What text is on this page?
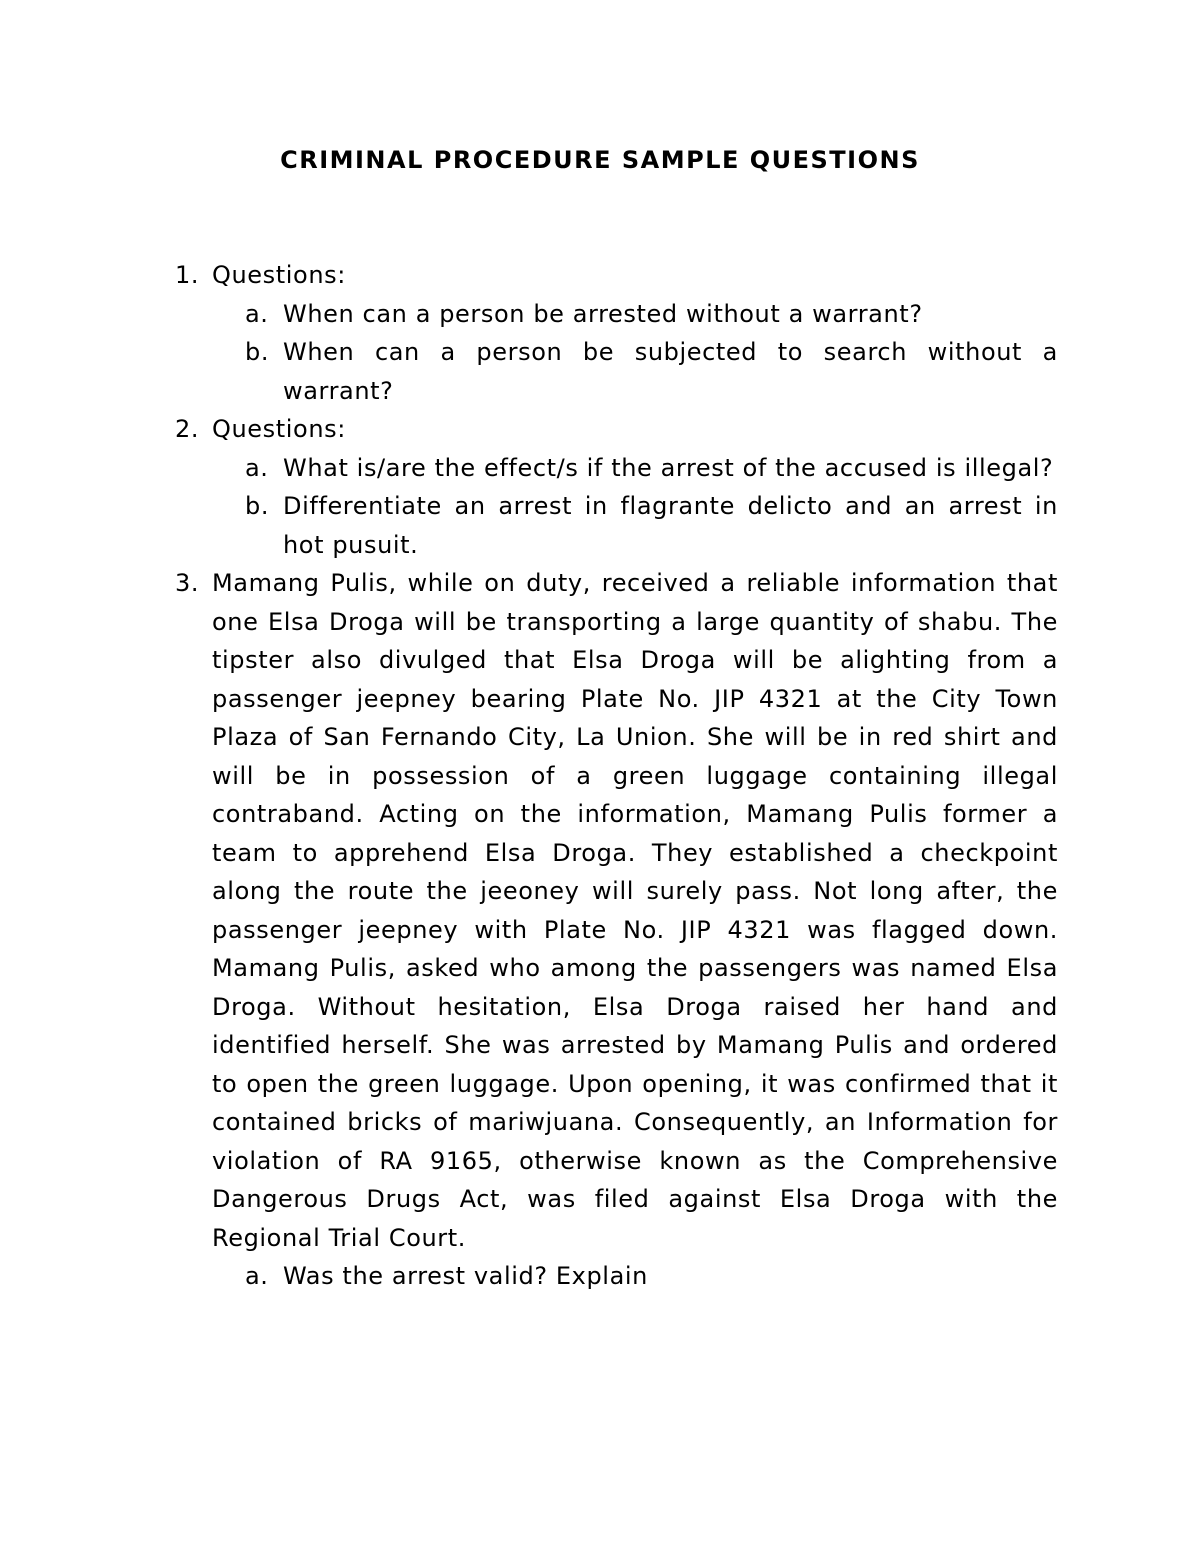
CRIMINAL PROCEDURE SAMPLE QUESTIONS
1. Questions:
a. When can a person be arrested without a warrant?
b. When can a person be subjected to search without a warrant?
2. Questions:
a. What is/are the effect/s if the arrest of the accused is illegal?
b. Differentiate an arrest in flagrante delicto and an arrest in hot pusuit.
3. Mamang Pulis, while on duty, received a reliable information that one Elsa Droga will be transporting a large quantity of shabu. The tipster also divulged that Elsa Droga will be alighting from a passenger jeepney bearing Plate No. JIP 4321 at the City Town Plaza of San Fernando City, La Union. She will be in red shirt and will be in possession of a green luggage containing illegal contraband. Acting on the information, Mamang Pulis former a team to apprehend Elsa Droga. They established a checkpoint along the route the jeeoney will surely pass. Not long after, the passenger jeepney with Plate No. JIP 4321 was flagged down. Mamang Pulis, asked who among the passengers was named Elsa Droga. Without hesitation, Elsa Droga raised her hand and identified herself. She was arrested by Mamang Pulis and ordered to open the green luggage. Upon opening, it was confirmed that it contained bricks of mariwjuana. Consequently, an Information for violation of RA 9165, otherwise known as the Comprehensive Dangerous Drugs Act, was filed against Elsa Droga with the Regional Trial Court.
a. Was the arrest valid? Explain
